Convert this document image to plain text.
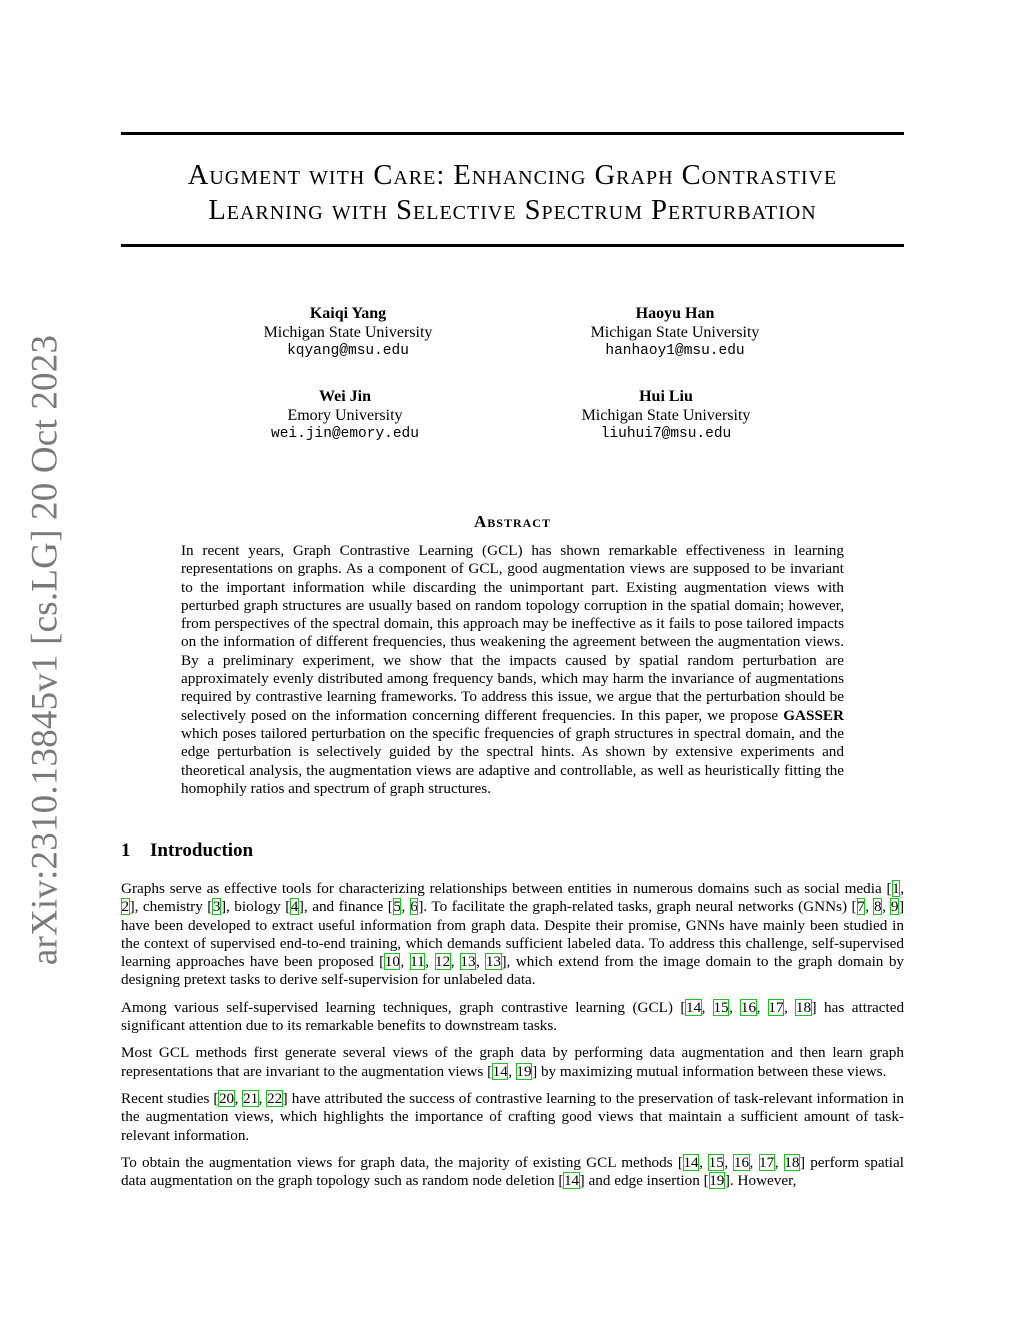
arXiv:2310.13845v1 [cs.LG] 20 Oct 2023
Augment with Care: Enhancing Graph Contrastive
Learning with Selective Spectrum Perturbation
Kaiqi Yang
Michigan State University
kqyang@msu.edu
Haoyu Han
Michigan State University
hanhaoy1@msu.edu
Wei Jin
Emory University
wei.jin@emory.edu
Hui Liu
Michigan State University
liuhui7@msu.edu
Abstract
In recent years, Graph Contrastive Learning (GCL) has shown remarkable effectiveness in learning representations on graphs. As a component of GCL, good augmentation views are supposed to be invariant to the important information while discarding the unimportant part. Existing augmentation views with perturbed graph structures are usually based on random topology corruption in the spatial domain; however, from perspectives of the spectral domain, this approach may be ineffective as it fails to pose tailored impacts on the information of different frequencies, thus weakening the agreement between the augmentation views. By a preliminary experiment, we show that the impacts caused by spatial random perturbation are approximately evenly distributed among frequency bands, which may harm the invariance of augmentations required by contrastive learning frameworks. To address this issue, we argue that the perturbation should be selectively posed on the information concerning different frequencies. In this paper, we propose GASSER which poses tailored perturbation on the specific frequencies of graph structures in spectral domain, and the edge perturbation is selectively guided by the spectral hints. As shown by extensive experiments and theoretical analysis, the augmentation views are adaptive and controllable, as well as heuristically fitting the homophily ratios and spectrum of graph structures.
1 Introduction

Graphs serve as effective tools for characterizing relationships between entities in numerous domains such as social media [1, 2], chemistry [3], biology [4], and finance [5, 6]. To facilitate the graph-related tasks, graph neural networks (GNNs) [7, 8, 9] have been developed to extract useful information from graph data. Despite their promise, GNNs have mainly been studied in the context of supervised end-to-end training, which demands sufficient labeled data. To address this challenge, self-supervised learning approaches have been proposed [10, 11, 12, 13, 13], which extend from the image domain to the graph domain by designing pretext tasks to derive self-supervision for unlabeled data.

Among various self-supervised learning techniques, graph contrastive learning (GCL) [14, 15, 16, 17, 18] has attracted significant attention due to its remarkable benefits to downstream tasks.

Most GCL methods first generate several views of the graph data by performing data augmentation and then learn graph representations that are invariant to the augmentation views [14, 19] by maximizing mutual information between these views.

Recent studies [20, 21, 22] have attributed the success of contrastive learning to the preservation of task-relevant information in the augmentation views, which highlights the importance of crafting good views that maintain a sufficient amount of task-relevant information.

To obtain the augmentation views for graph data, the majority of existing GCL methods [14, 15, 16, 17, 18] perform spatial data augmentation on the graph topology such as random node deletion [14] and edge insertion [19]. However,
